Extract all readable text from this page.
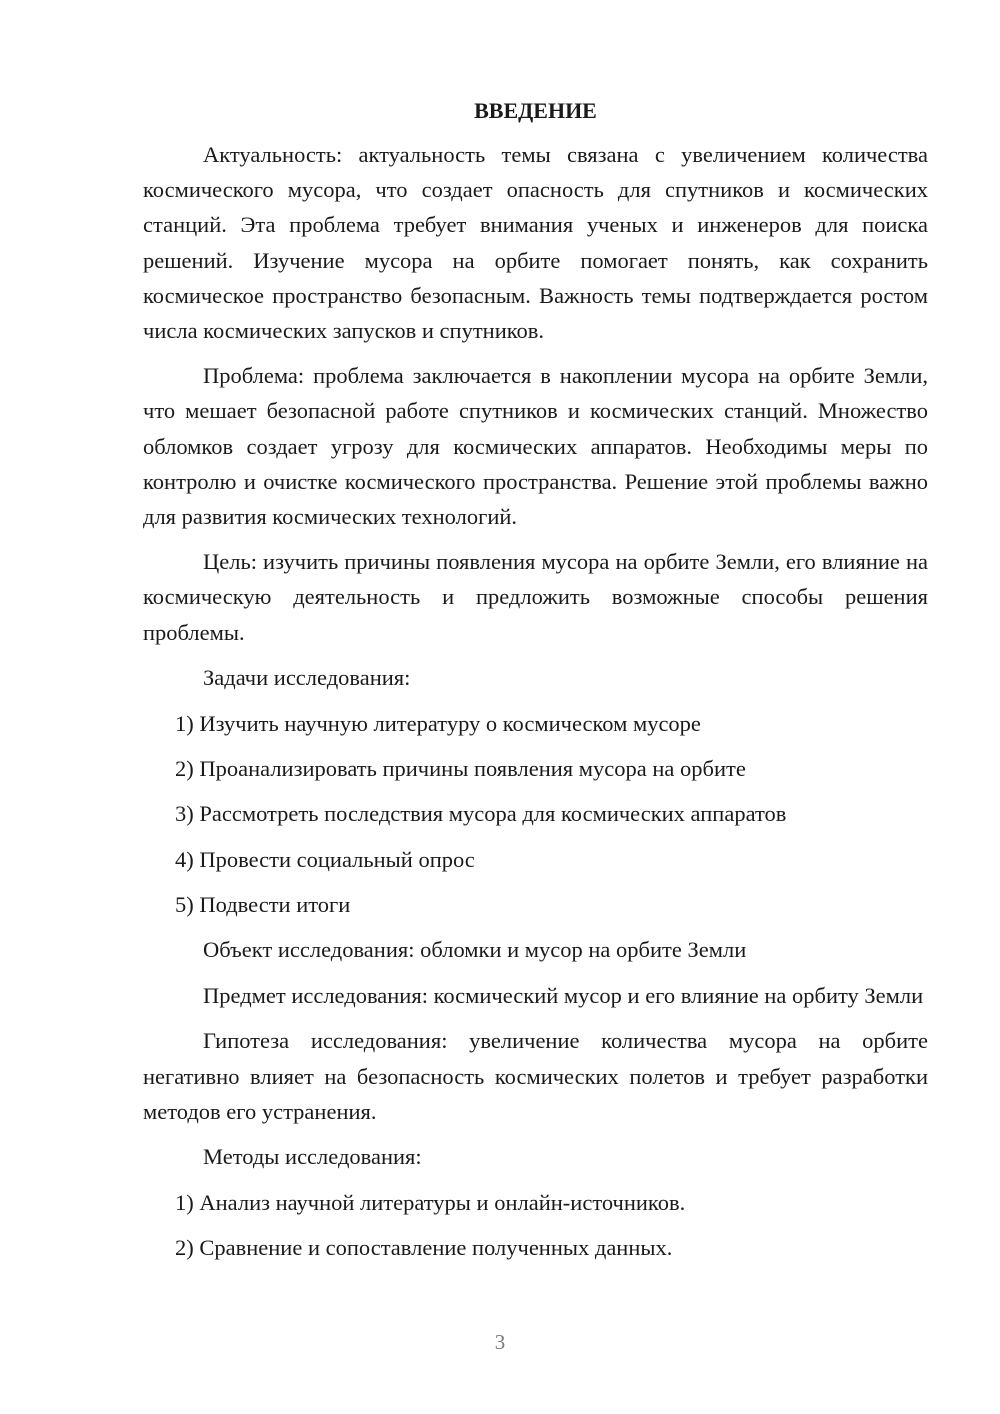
ВВЕДЕНИЕ

Актуальность: актуальность темы связана с увеличением количества космического мусора, что создает опасность для спутников и космических станций. Эта проблема требует внимания ученых и инженеров для поиска решений. Изучение мусора на орбите помогает понять, как сохранить космическое пространство безопасным. Важность темы подтверждается ростом числа космических запусков и спутников.

Проблема: проблема заключается в накоплении мусора на орбите Земли, что мешает безопасной работе спутников и космических станций. Множество обломков создает угрозу для космических аппаратов. Необходимы меры по контролю и очистке космического пространства. Решение этой проблемы важно для развития космических технологий.

Цель: изучить причины появления мусора на орбите Земли, его влияние на космическую деятельность и предложить возможные способы решения проблемы.

Задачи исследования:

1) Изучить научную литературу о космическом мусоре
2) Проанализировать причины появления мусора на орбите
3) Рассмотреть последствия мусора для космических аппаратов
4) Провести социальный опрос
5) Подвести итоги

Объект исследования: обломки и мусор на орбите Земли

Предмет исследования: космический мусор и его влияние на орбиту Земли

Гипотеза исследования: увеличение количества мусора на орбите негативно влияет на безопасность космических полетов и требует разработки методов его устранения.

Методы исследования:

1) Анализ научной литературы и онлайн-источников.
2) Сравнение и сопоставление полученных данных.
3
